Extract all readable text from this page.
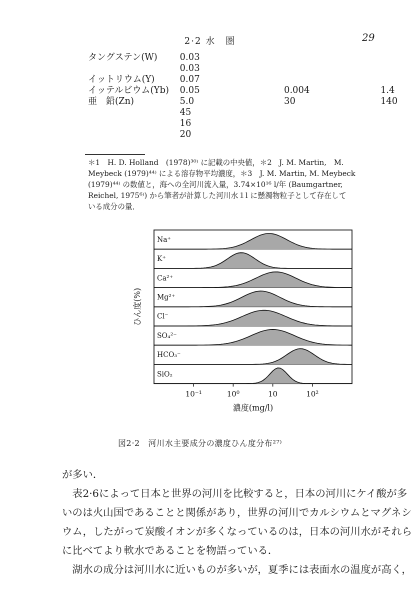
2·2 水　圏	29
タングステン(W)	0.03		
	0.03		
イットリウム(Y)	0.07		
イッテルビウム(Yb)	0.05	0.004	1.4
亜　鉛(Zn)	5.0	30	140
	45		
	16		
	20		
＊1　H. D. Holland　(1978)³⁰⁾ に記載の中央値，＊2　J. M. Martin,　M.
Meybeck (1979)⁴⁴⁾ による溶存物平均濃度，＊3　J. M. Martin, M. Meybeck
(1979)⁴⁴⁾ の数値と，海への全河川流入量，3.74×10¹⁶ l/年 (Baumgartner,
Reichel, 1975⁶⁾) から筆者が計算した河川水１l に懸濁物粒子として存在して
いる成分の量．
Na⁺
K⁺
Ca²⁺
Mg²⁺
Cl⁻
SO₄²⁻
HCO₃⁻
SiO₂
10⁻¹	10⁰	10	10²
濃度(mg/l)
ひん度(%)
図2·2　河川水主要成分の濃度ひん度分布²⁷⁾
が多い．
　表2·6によって日本と世界の河川を比較すると，日本の河川にケイ酸が多
いのは火山国であることと関係があり，世界の河川でカルシウムとマグネシ
ウム，したがって炭酸イオンが多くなっているのは，日本の河川水がそれら
に比べてより軟水であることを物語っている．
　湖水の成分は河川水に近いものが多いが，夏季には表面水の温度が高く，
